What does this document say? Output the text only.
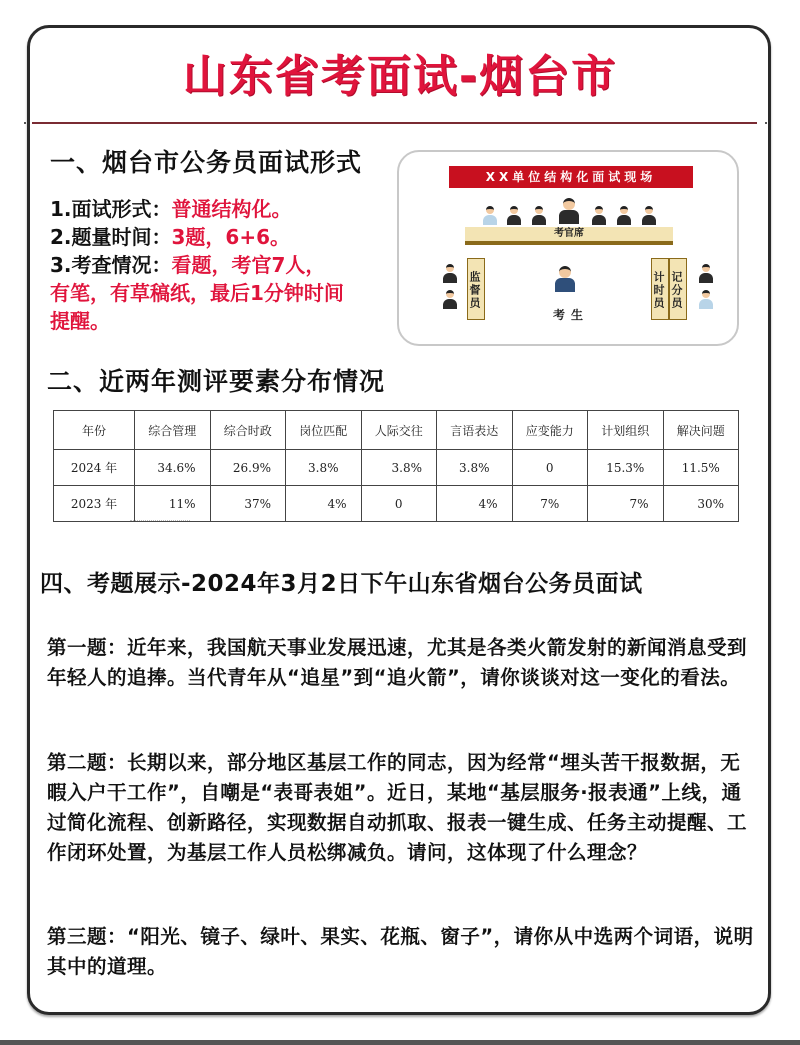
山东省考面试-烟台市
一、烟台市公务员面试形式
1.面试形式：普通结构化。
2.题量时间：3题，6+6。
3.考查情况：看题，考官7人，
有笔，有草稿纸，最后1分钟时间
提醒。
XX单位结构化面试现场
考官席
监督员
考生
计时员 记分员
二、近两年测评要素分布情况
年份	综合管理	综合时政	岗位匹配	人际交往	言语表达	应变能力	计划组织	解决问题
2024 年	34.6%	26.9%	3.8%	3.8%	3.8%	0	15.3%	11.5%
2023 年	11%	37%	4%	0	4%	7%	7%	30%
四、考题展示-2024年3月2日下午山东省烟台公务员面试
第一题：近年来，我国航天事业发展迅速，尤其是各类火箭发射的新闻消息受到年轻人的追捧。当代青年从“追星”到“追火箭”，请你谈谈对这一变化的看法。
第二题：长期以来，部分地区基层工作的同志，因为经常“埋头苦干报数据，无暇入户干工作”，自嘲是“表哥表姐”。近日，某地“基层服务·报表通”上线，通过简化流程、创新路径，实现数据自动抓取、报表一键生成、任务主动提醒、工作闭环处置，为基层工作人员松绑减负。请问，这体现了什么理念？
第三题：“阳光、镜子、绿叶、果实、花瓶、窗子”，请你从中选两个词语，说明其中的道理。
